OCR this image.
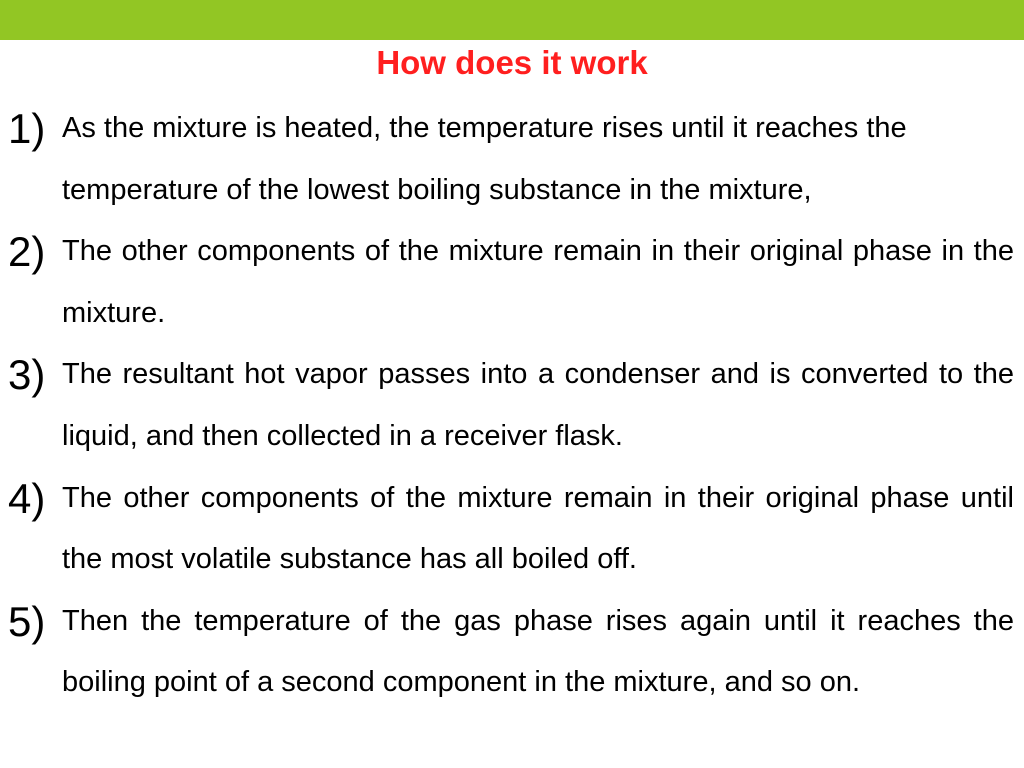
How does it work
1) As the mixture is heated, the temperature rises until it reaches the temperature of the lowest boiling substance in the mixture,
2) The other components of the mixture remain in their original phase in the mixture.
3) The resultant hot vapor passes into a condenser and is converted to the liquid, and then collected in a receiver flask.
4) The other components of the mixture remain in their original phase until the most volatile substance has all boiled off.
5) Then the temperature of the gas phase rises again until it reaches the boiling point of a second component in the mixture, and so on.
